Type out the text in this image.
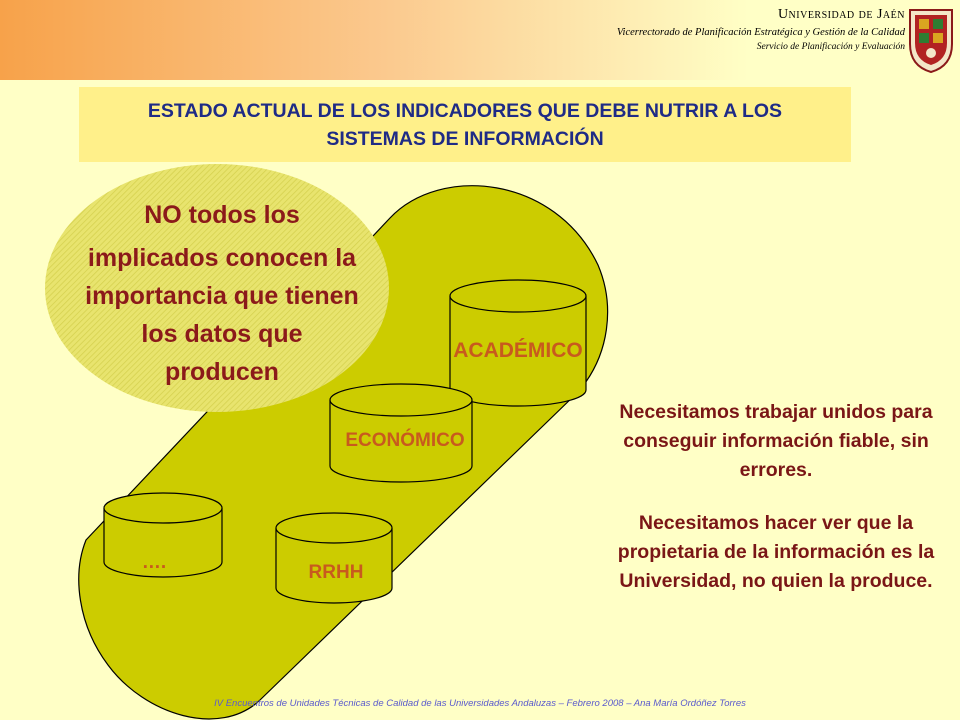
Universidad de Jaén
Vicerrectorado de Planificación Estratégica y Gestión de la Calidad
Servicio de Planificación y Evaluación
ESTADO ACTUAL DE LOS INDICADORES QUE DEBE NUTRIR A LOS
SISTEMAS DE INFORMACIÓN
ACADÉMICO
ECONÓMICO
RRHH
….
NO todos los
implicados conocen la
importancia que tienen
los datos que
producen
Necesitamos trabajar unidos para conseguir información fiable, sin errores.
Necesitamos hacer ver que la propietaria de la información es la Universidad, no quien la produce.
IV Encuentros de Unidades Técnicas de Calidad de las Universidades Andaluzas – Febrero 2008 – Ana María Ordóñez Torres
